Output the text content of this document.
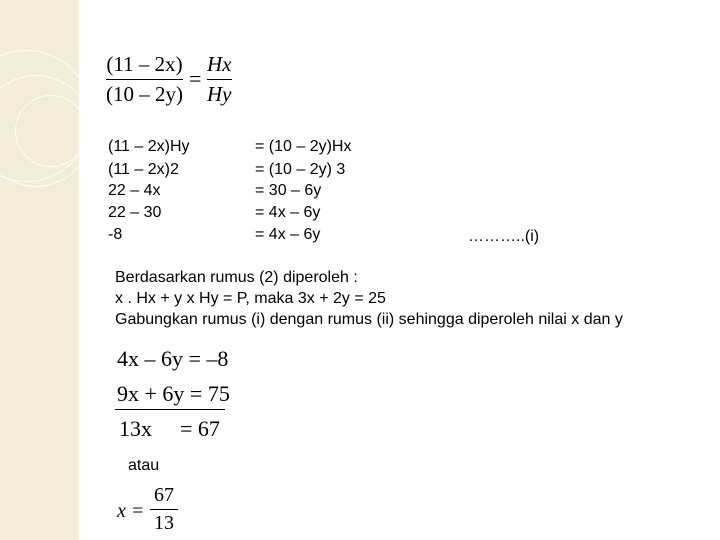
(11 – 2x)
(10 – 2y)
=
Hx
Hy
(11 – 2x)Hy
(11 – 2x)2
22 – 4x
22 – 30
-8
= (10 – 2y)Hx
= (10 – 2y) 3
= 30 – 6y
= 4x – 6y
= 4x – 6y	………..(i)
Berdasarkan rumus (2) diperoleh :
x . Hx + y x Hy = P, maka 3x + 2y = 25
Gabungkan rumus (i) dengan rumus (ii) sehingga diperoleh nilai x dan y
4x – 6y = –8
9x + 6y = 75
13x = 67
atau
x =
67
13
